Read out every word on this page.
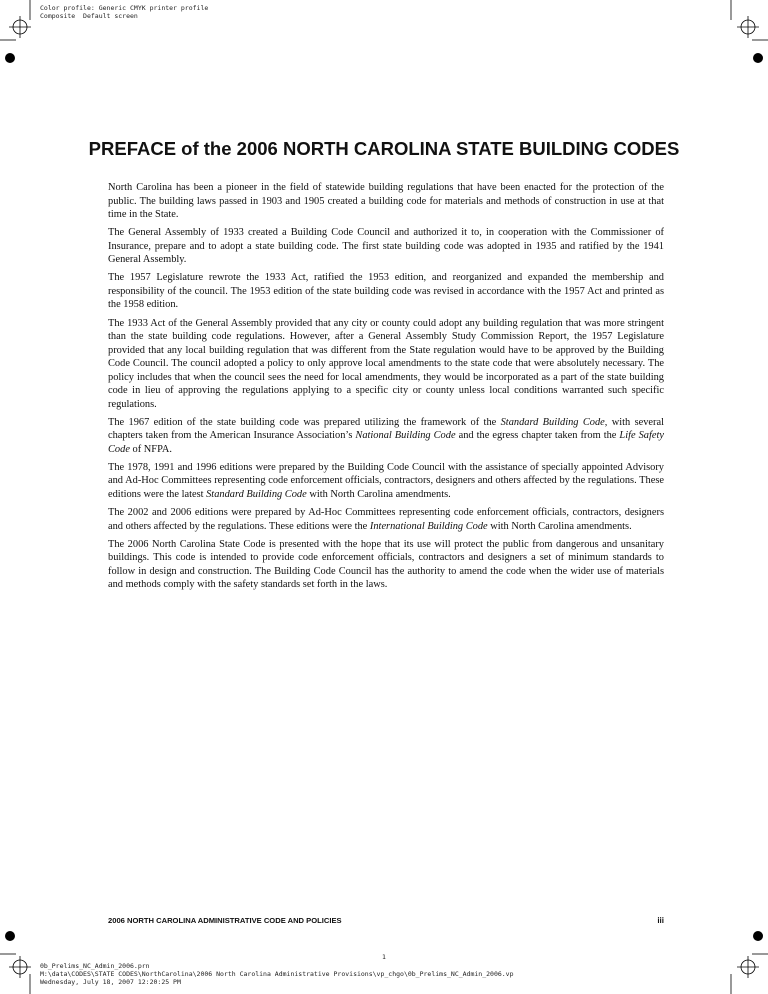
Color profile: Generic CMYK printer profile
Composite  Default screen
PREFACE of the 2006 NORTH CAROLINA STATE BUILDING CODES

North Carolina has been a pioneer in the field of statewide building regulations that have been enacted for the protection of the public. The building laws passed in 1903 and 1905 created a building code for materials and methods of construction in use at that time in the State.

The General Assembly of 1933 created a Building Code Council and authorized it to, in cooperation with the Commissioner of Insurance, prepare and to adopt a state building code. The first state building code was adopted in 1935 and ratified by the 1941 General Assembly.

The 1957 Legislature rewrote the 1933 Act, ratified the 1953 edition, and reorganized and expanded the membership and responsibility of the council. The 1953 edition of the state building code was revised in accordance with the 1957 Act and printed as the 1958 edition.

The 1933 Act of the General Assembly provided that any city or county could adopt any building regulation that was more stringent than the state building code regulations. However, after a General Assembly Study Commission Report, the 1957 Legislature provided that any local building regulation that was different from the State regulation would have to be approved by the Building Code Council. The council adopted a policy to only approve local amendments to the state code that were absolutely necessary. The policy includes that when the council sees the need for local amendments, they would be incorporated as a part of the state building code in lieu of approving the regulations applying to a specific city or county unless local conditions warranted such specific regulations.

The 1967 edition of the state building code was prepared utilizing the framework of the Standard Building Code, with several chapters taken from the American Insurance Association’s National Building Code and the egress chapter taken from the Life Safety Code of NFPA.

The 1978, 1991 and 1996 editions were prepared by the Building Code Council with the assistance of specially appointed Advisory and Ad-Hoc Committees representing code enforcement officials, contractors, designers and others affected by the regulations. These editions were the latest Standard Building Code with North Carolina amendments.

The 2002 and 2006 editions were prepared by Ad-Hoc Committees representing code enforcement officials, contractors, designers and others affected by the regulations. These editions were the International Building Code with North Carolina amendments.

The 2006 North Carolina State Code is presented with the hope that its use will protect the public from dangerous and unsanitary buildings. This code is intended to provide code enforcement officials, contractors and designers a set of minimum standards to follow in design and construction. The Building Code Council has the authority to amend the code when the wider use of materials and methods comply with the safety standards set forth in the laws.

2006 NORTH CAROLINA ADMINISTRATIVE CODE AND POLICIES	iii
1
0b_Prelims_NC_Admin_2006.prn
M:\data\CODES\STATE CODES\NorthCarolina\2006 North Carolina Administrative Provisions\vp_chgo\0b_Prelims_NC_Admin_2006.vp
Wednesday, July 18, 2007 12:20:25 PM
